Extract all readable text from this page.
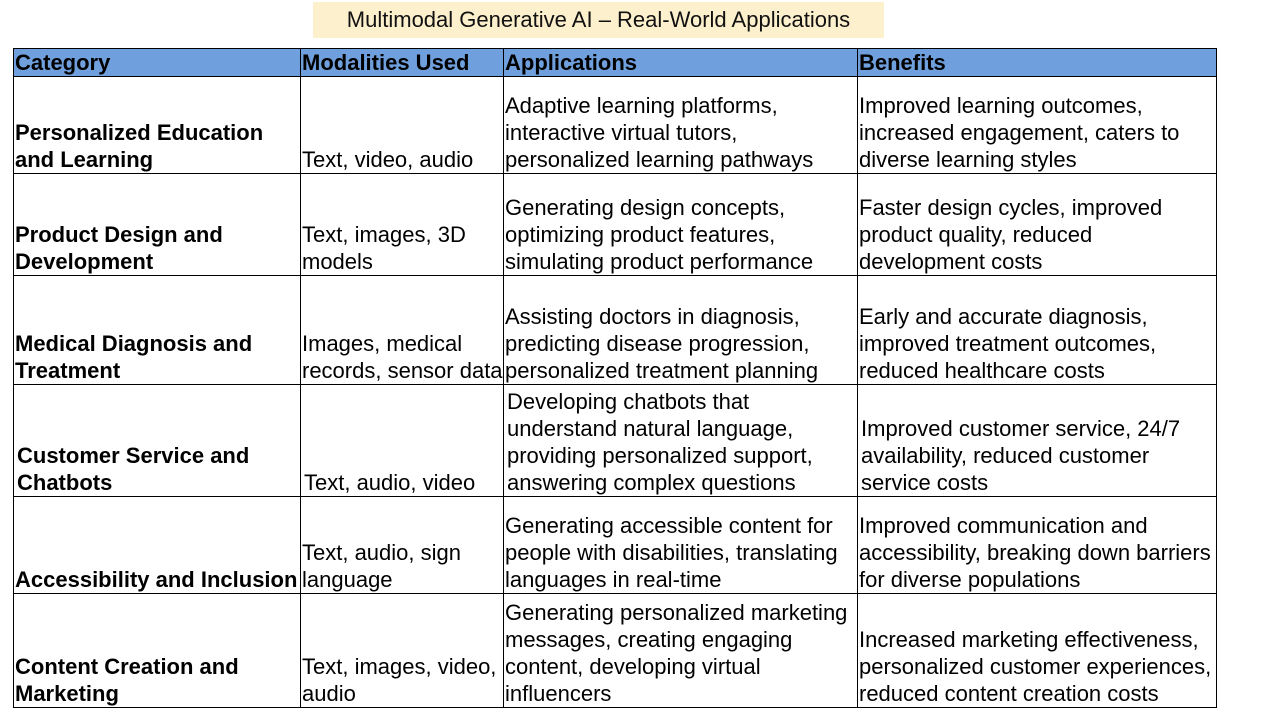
Multimodal Generative AI – Real-World Applications
Category	Modalities Used	Applications	Benefits
Personalized Education and Learning	Text, video, audio	Adaptive learning platforms, interactive virtual tutors, personalized learning pathways	Improved learning outcomes, increased engagement, caters to diverse learning styles
Product Design and Development	Text, images, 3D models	Generating design concepts, optimizing product features, simulating product performance	Faster design cycles, improved product quality, reduced development costs
Medical Diagnosis and Treatment	Images, medical records, sensor data	Assisting doctors in diagnosis, predicting disease progression, personalized treatment planning	Early and accurate diagnosis, improved treatment outcomes, reduced healthcare costs
Customer Service and Chatbots	Text, audio, video	Developing chatbots that understand natural language, providing personalized support, answering complex questions	Improved customer service, 24/7 availability, reduced customer service costs
Accessibility and Inclusion	Text, audio, sign language	Generating accessible content for people with disabilities, translating languages in real-time	Improved communication and accessibility, breaking down barriers for diverse populations
Content Creation and Marketing	Text, images, video, audio	Generating personalized marketing messages, creating engaging content, developing virtual influencers	Increased marketing effectiveness, personalized customer experiences, reduced content creation costs
